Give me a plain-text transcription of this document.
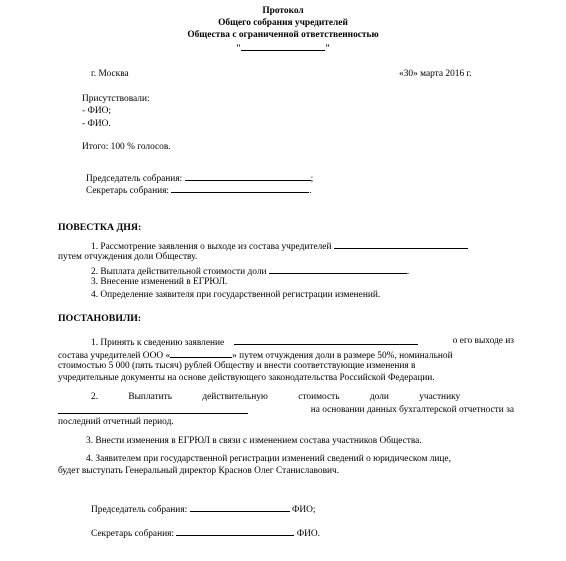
Протокол
Общего собрания учредителей
Общества с ограниченной ответственностью
"	"
г. Москва	«30» марта 2016 г.
Присутствовали:
- ФИО;
- ФИО.
Итого: 100 % голосов.
Председатель собрания:	;
Секретарь собрания:	.
ПОВЕСТКА ДНЯ:
1. Рассмотрение заявления о выходе из состава учредителей
путем отчуждения доли Обществу.
2. Выплата действительной стоимости доли	.
3. Внесение изменений в ЕГРЮЛ.
4. Определение заявителя при государственной регистрации изменений.
ПОСТАНОВИЛИ:
1. Принять к сведению заявление	о его выходе из
состава учредителей ООО «	» путем отчуждения доли в размере 50%, номинальной
стоимостью 5 000 (пять тысяч) рублей Обществу и внести соответствующие изменения в
учредительные документы на основе действующего законодательства Российской Федерации.
2. Выплатить действительную стоимость доли участнику
на основании данных бухгалтерской отчетности за
последний отчетный период.
3. Внести изменения в ЕГРЮЛ в связи с изменением состава участников Общества.
4. Заявителем при государственной регистрации изменений сведений о юридическом лице,
будет выступать Генеральный директор Краснов Олег Станиславович.
Председатель собрания:	ФИО;
Секретарь собрания:	ФИО.
